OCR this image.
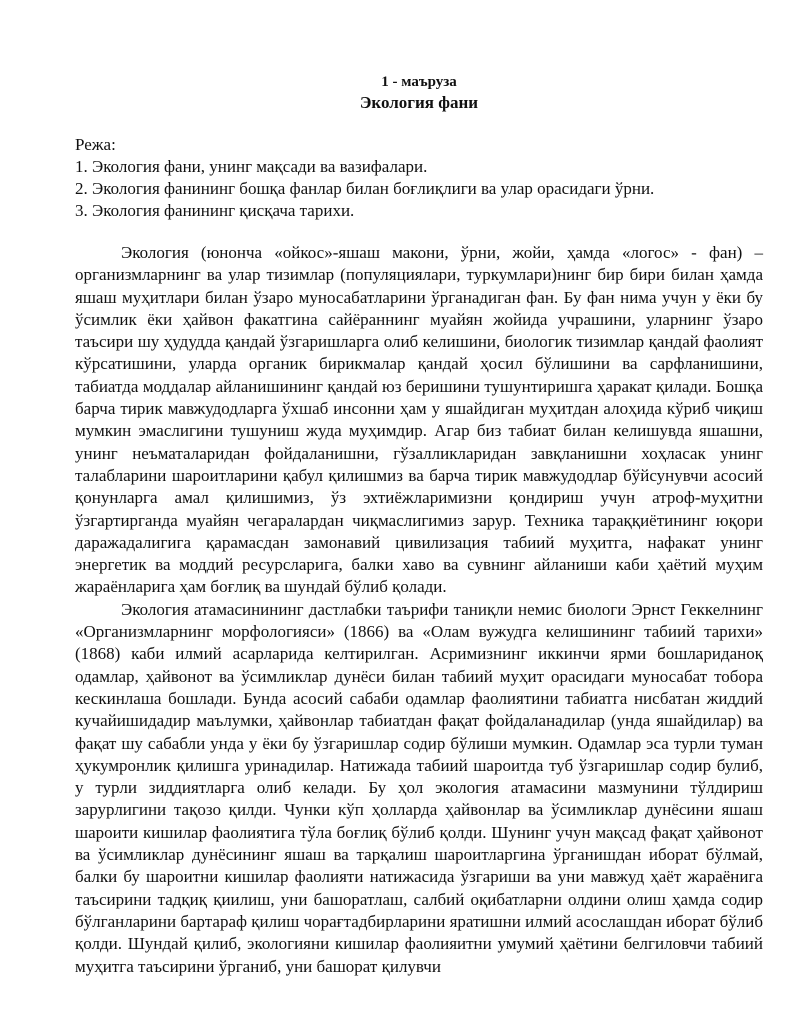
1 - маъруза

Экология фани

Режа:
1. Экология фани, унинг мақсади ва вазифалари.
2. Экология фанининг бошқа фанлар билан боғлиқлиги ва улар орасидаги ўрни.
3. Экология фанининг қисқача тарихи.

Экология (юнонча «ойкос»-яшаш макони, ўрни, жойи, ҳамда «логос» - фан) – организмларнинг ва улар тизимлар (популяциялари, туркумлари)нинг бир бири билан ҳамда яшаш муҳитлари билан ўзаро муносабатларини ўрганадиган фан. Бу фан нима учун у ёки бу ўсимлик ёки ҳайвон факатгина сайёраннинг муайян жойида учрашини, уларнинг ўзаро таъсири шу ҳудудда қандай ўзгаришларга олиб келишини, биологик тизимлар қандай фаолият кўрсатишини, уларда органик бирикмалар қандай ҳосил бўлишини ва сарфланишини, табиатда моддалар айланишининг қандай юз беришини тушунтиришга ҳаракат қилади. Бошқа барча тирик мавжудодларга ўхшаб инсонни ҳам у яшайдиган муҳитдан алоҳида кўриб чиқиш мумкин эмаслигини тушуниш жуда муҳимдир. Агар биз табиат билан келишувда яшашни, унинг неъматаларидан фойдаланишни, гўзалликларидан завқланишни хоҳласак унинг талабларини шароитларини қабул қилишмиз ва барча тирик мавжудодлар бўйсунувчи асосий қонунларга амал қилишимиз, ўз эхтиёжларимизни қондириш учун атроф-муҳитни ўзгартирганда муайян чегаралардан чиқмаслигимиз зарур. Техника тараққиётининг юқори даражадалигига қарамасдан замонавий цивилизация табиий муҳитга, нафакат унинг энергетик ва моддий ресурсларига, балки хаво ва сувнинг айланиши каби ҳаётий муҳим жараёнларига ҳам боғлиқ ва шундай бўлиб қолади.

Экология атамасинининг дастлабки таърифи таниқли немис биологи Эрнст Геккелнинг «Организмларнинг морфологияси» (1866) ва «Олам вужудга келишининг табиий тарихи» (1868) каби илмий асарларида келтирилган. Асримизнинг иккинчи ярми бошлариданоқ одамлар, ҳайвонот ва ўсимликлар дунёси билан табиий муҳит орасидаги муносабат тобора кескинлаша бошлади. Бунда асосий сабаби одамлар фаолиятини табиатга нисбатан жиддий кучайишидадир маълумки, ҳайвонлар табиатдан фақат фойдаланадилар (унда яшайдилар) ва фақат шу сабабли унда у ёки бу ўзгаришлар содир бўлиши мумкин. Одамлар эса турли туман ҳукумронлик қилишга уринадилар. Натижада табиий шароитда туб ўзгаришлар содир булиб, у турли зиддиятларга олиб келади. Бу ҳол экология атамасини мазмунини тўлдириш зарурлигини тақозо қилди. Чунки кўп ҳолларда ҳайвонлар ва ўсимликлар дунёсини яшаш шароити кишилар фаолиятига тўла боғлиқ бўлиб қолди. Шунинг учун мақсад фақат ҳайвонот ва ўсимликлар дунёсининг яшаш ва тарқалиш шароитларгина ўрганишдан иборат бўлмай, балки бу шароитни кишилар фаолияти натижасида ўзгариши ва уни мавжуд ҳаёт жараёнига таъсирини тадқиқ қиилиш, уни башоратлаш, салбий оқибатларни олдини олиш ҳамда содир бўлганларини бартараф қилиш чорағтадбирларини яратишни илмий асослашдан иборат бўлиб қолди. Шундай қилиб, экологияни кишилар фаолияитни умумий ҳаётини белгиловчи табиий муҳитга таъсирини ўрганиб, уни башорат қилувчи
